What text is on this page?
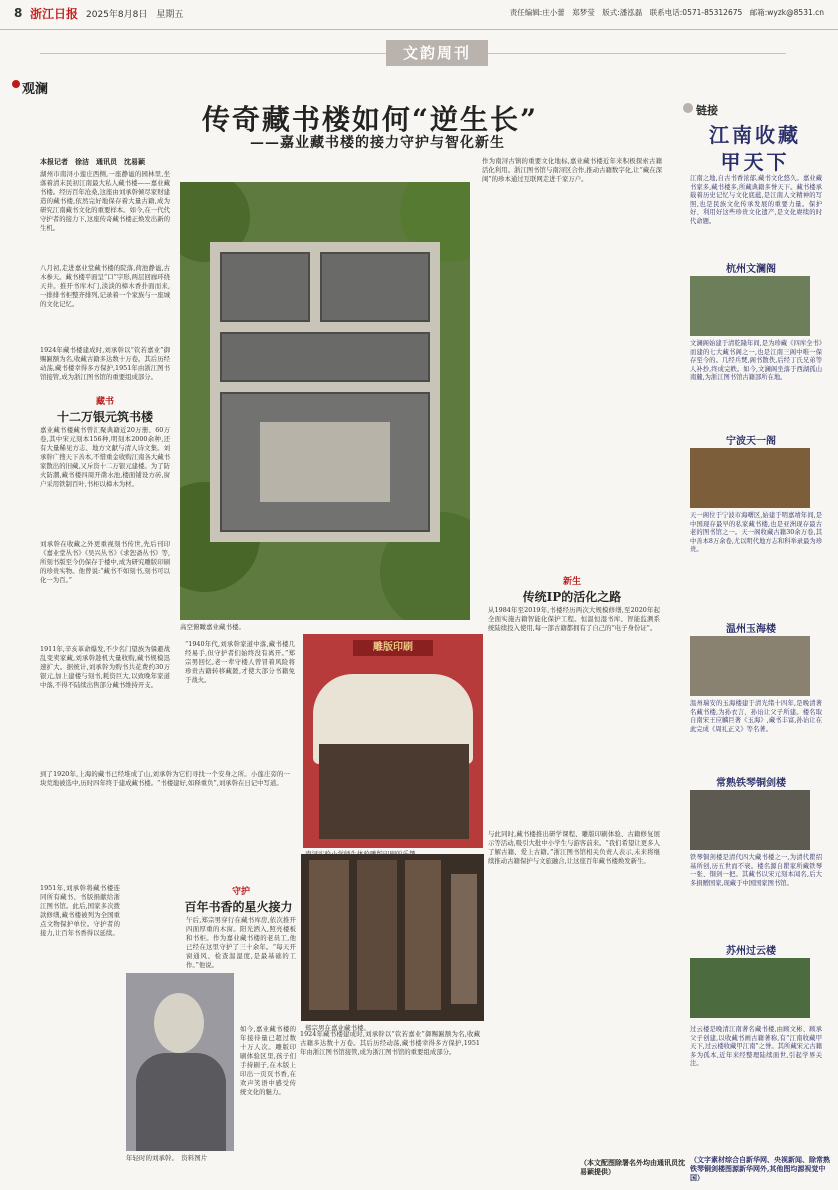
8 浙江日报 2025年8月8日　星期五	责任编辑:庄小蕾　郑梦莹　版式:潘泓磊　联系电话:0571-85312675　邮箱:wyzk@8531.cn
文韵周刊
观澜
传奇藏书楼如何“逆生长”
——嘉业藏书楼的接力守护与智化新生
本报记者　徐洁　通讯员　沈易颖
湖州市南浔小莲庄西侧,一座静谧的园林里,坐落着清末民初江南最大私人藏书楼——嘉业藏书楼。经历百年沧桑,这座由刘承幹倾尽家财建造的藏书楼,依然完好地保存着大量古籍,成为研究江南藏书文化的重要样本。如今,在一代代守护者的接力下,这座传奇藏书楼正焕发出新的生机。
八月初,走进嘉业堂藏书楼的院落,荷池静谧,古木参天。藏书楼平面呈“口”字形,两层回廊环绕天井。推开书库木门,淡淡的樟木香扑面而来,一排排书柜整齐排列,记录着一个家族与一座城的文化记忆。
1924年藏书楼建成时,刘承幹以“钦若嘉业”御赐匾额为名,收藏古籍多达数十万卷。其后历经动荡,藏书楼幸得多方保护,1951年由浙江图书馆接管,成为浙江图书馆的重要组成部分。
藏书
十二万银元筑书楼
嘉业藏书楼藏书曾汇聚典籍近20万册、60万卷,其中宋元刻本156种,明刻本2000余种,还有大量稀见方志、地方文献与清人诗文集。刘承幹广搜天下善本,不惜重金收购江南各大藏书家散出的旧藏,又斥资十二万银元建楼。为了防火防潮,藏书楼四周开凿水池,楼面铺设方砖,窗户采用铁制百叶,书柜以樟木为材。
刘承幹在收藏之外更重视刻书传世,先后刊印《嘉业堂丛书》《吴兴丛书》《求恕斋丛书》等,所刻书版至今仍保存于楼中,成为研究雕版印刷的珍贵实物。他曾说:“藏书不如刻书,刻书可以化一为百。”
1911年,辛亥革命爆发,不少名门望族为躲避战乱变卖家藏,刘承幹趁机大量收购,藏书规模迅速扩大。据统计,刘承幹为购书共花费约30万银元,加上建楼与刻书,耗资巨大,以致晚年家道中落,不得不陆续出售部分藏书维持开支。
到了1920年,上海的藏书已经堆成了山,刘承幹为它们寻找一个安身之所。小莲庄旁的一块荒地被选中,历时四年终于建成藏书楼。“书楼建好,如释重负”,刘承幹在日记中写道。
“1940年代,刘承幹家道中落,藏书楼几经易手,但守护者们始终没有离开。”郑宗男回忆,老一辈守楼人曾冒着风险将珍贵古籍转移藏匿,才使大部分书籍免于战火。
守护
百年书香的星火接力
午后,郑宗男穿行在藏书库房,依次推开四面厚重的木窗。阳光洒入,照亮楼板和书柜。作为嘉业藏书楼的老员工,他已经在这里守护了三十余年。“每天开窗通风、检查温湿度,是最基础的工作。”他说。
1951年,刘承幹将藏书楼连同所有藏书、书版捐献给浙江图书馆。此后,国家多次拨款修缮,藏书楼被列为全国重点文物保护单位。守护者的接力,让百年书香得以延续。
如今,嘉业藏书楼的年接待量已超过数十万人次。雕版印刷体验区里,孩子们手持刷子,在木版上印出一页页书香,在欢声笑语中感受传统文化的魅力。
高空俯瞰嘉业藏书楼。
雕版印刷
郑宗男在嘉业藏书楼。
年轻时的刘承幹。　资料图片
作为南浔古镇的重要文化地标,嘉业藏书楼近年来积极探索古籍活化利用。浙江图书馆与南浔区合作,推动古籍数字化,让“藏在深闺”的珍本通过互联网走进千家万户。
新生
传统IP的活化之路
从1984年至2019年,书楼经历两次大规模修缮,至2020年起全面实施古籍智能化保护工程。恒温恒湿书库、智能监测系统陆续投入使用,每一部古籍都拥有了自己的“电子身份证”。
与此同时,藏书楼推出研学课程、雕版印刷体验、古籍修复展示等活动,吸引大批中小学生与游客前来。“我们希望让更多人了解古籍、爱上古籍。”浙江图书馆相关负责人表示,未来将继续推动古籍保护与文旅融合,让这座百年藏书楼焕发新生。
1924年藏书楼建成时,刘承幹以“钦若嘉业”御赐匾额为名,收藏古籍多达数十万卷。其后历经动荡,藏书楼幸得多方保护,1951年由浙江图书馆接管,成为浙江图书馆的重要组成部分。
（本文配图除署名外均由通讯员沈易颖提供）
链接
江南收藏
甲天下
江南之地,自古书香浓郁,藏书文化悠久。嘉业藏书家多,藏书楼多,所藏典籍多誉天下。藏书楼承载着历史记忆与文化底蕴,是江南人文精神的写照,也是民族文化传承发展的重要力量。保护好、利用好这些珍贵文化遗产,是文化赓续的时代命题。
杭州文澜阁
文澜阁始建于清乾隆年间,是为珍藏《四库全书》而建的七大藏书阁之一,也是江南三阁中唯一保存至今的。几经兵燹,阁书散佚,后经丁氏兄弟等人补抄,终成完帙。如今,文澜阁坐落于西湖孤山南麓,为浙江图书馆古籍部所在地。
宁波天一阁
天一阁位于宁波市海曙区,始建于明嘉靖年间,是中国现存最早的私家藏书楼,也是亚洲现存最古老的图书馆之一。天一阁收藏古籍30余万卷,其中善本8万余卷,尤以明代地方志和科举录最为珍贵。
温州玉海楼
温州瑞安的玉海楼建于清光绪十四年,是晚清著名藏书楼,为孙衣言、孙诒让父子所建。楼名取自南宋王应麟巨著《玉海》,藏书丰富,孙诒让在此完成《周礼正义》等名著。
常熟铁琴铜剑楼
铁琴铜剑楼是清代四大藏书楼之一,为清代瞿绍基所创,历五世而不衰。楼名源自瞿家所藏铁琴一张、铜剑一把。其藏书以宋元刻本闻名,后大多捐赠国家,现藏于中国国家图书馆。
苏州过云楼
过云楼是晚清江南著名藏书楼,由顾文彬、顾承父子创建,以收藏书画古籍著称,有“江南收藏甲天下,过云楼收藏甲江南”之誉。其所藏宋元古籍多为孤本,近年来经整理陆续面世,引起学界关注。
（文字素材综合自新华网、央视新闻、除常熟铁琴铜剑楼图源新华网外,其他图均源视觉中国）
